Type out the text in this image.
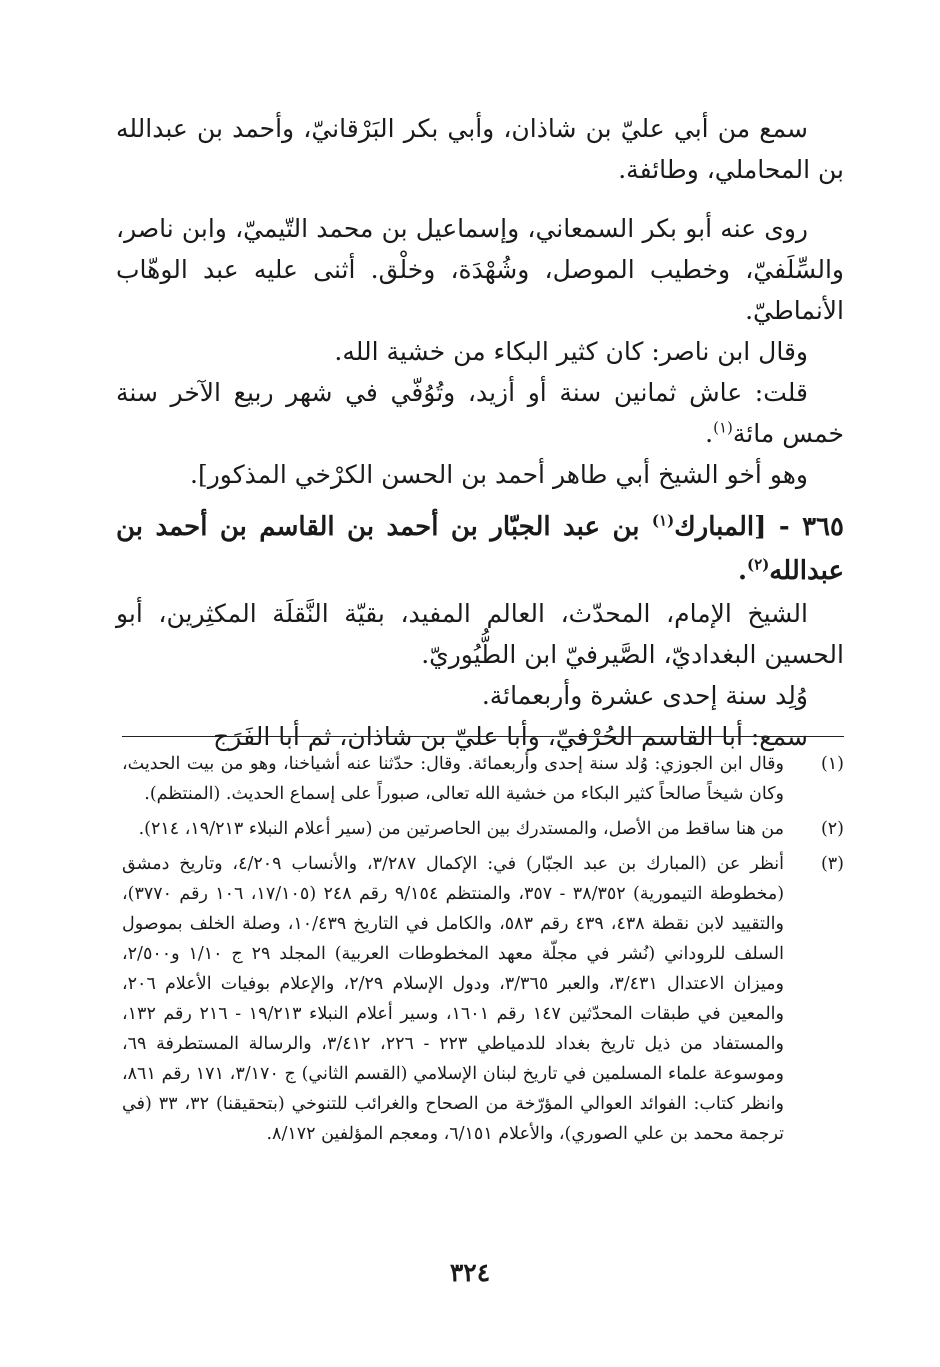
سمع من أبي عليّ بن شاذان، وأبي بكر البَرْقانيّ، وأحمد بن عبدالله بن المحاملي، وطائفة.

روى عنه أبو بكر السمعاني، وإسماعيل بن محمد التّيميّ، وابن ناصر، والسِّلَفيّ، وخطيب الموصل، وشُهْدَة، وخلْق. أثنى عليه عبد الوهّاب الأنماطيّ.

وقال ابن ناصر: كان كثير البكاء من خشية الله.

قلت: عاش ثمانين سنة أو أزيد، وتُوُفّي في شهر ربيع الآخر سنة خمس مائة$^{(١)}$.

وهو أخو الشيخ أبي طاهر أحمد بن الحسن الكرْخي المذكور].

٣٦٥ - [المبارك$^{(١)}$ بن عبد الجبّار بن أحمد بن القاسم بن أحمد بن عبدالله$^{(٢)}$.

الشيخ الإمام، المحدّث، العالم المفيد، بقيّة النَّقلَة المكثِرين، أبو الحسين البغداديّ، الصَّيرفيّ ابن الطُّيُوريّ.

وُلِد سنة إحدى عشرة وأربعمائة.

سمع: أبا القاسم الحُرْفيّ، وأبا عليّ بن شاذان، ثم أبا الفَرَج

(١)

وقال ابن الجوزي: وُلد سنة إحدى وأربعمائة. وقال: حدّثنا عنه أشياخنا، وهو من بيت الحديث، وكان شيخاً صالحاً كثير البكاء من خشية الله تعالى، صبوراً على إسماع الحديث. (المنتظم).

(٢)

من هنا ساقط من الأصل، والمستدرك بين الحاصرتين من (سير أعلام النبلاء ١٩/٢١٣، ٢١٤).

(٣)

أنظر عن (المبارك بن عبد الجبّار) في: الإكمال ٣/٢٨٧، والأنساب ٤/٢٠٩، وتاريخ دمشق (مخطوطة التيمورية) ٣٨/٣٥٢ - ٣٥٧، والمنتظم ٩/١٥٤ رقم ٢٤٨ (١٧/١٠٥، ١٠٦ رقم ٣٧٧٠)، والتقييد لابن نقطة ٤٣٨، ٤٣٩ رقم ٥٨٣، والكامل في التاريخ ١٠/٤٣٩، وصلة الخلف بموصول السلف للروداني (نُشر في مجلّة معهد المخطوطات العربية) المجلد ٢٩ ج ١/١٠ و٢/٥٠٠، وميزان الاعتدال ٣/٤٣١، والعبر ٣/٣٦٥، ودول الإسلام ٢/٢٩، والإعلام بوفيات الأعلام ٢٠٦، والمعين في طبقات المحدّثين ١٤٧ رقم ١٦٠١، وسير أعلام النبلاء ١٩/٢١٣ - ٢١٦ رقم ١٣٢، والمستفاد من ذيل تاريخ بغداد للدمياطي ٢٢٣ - ٢٢٦، ٣/٤١٢، والرسالة المستطرفة ٦٩، وموسوعة علماء المسلمين في تاريخ لبنان الإسلامي (القسم الثاني) ج ٣/١٧٠، ١٧١ رقم ٨٦١، وانظر كتاب: الفوائد العوالي المؤرّخة من الصحاح والغرائب للتنوخي (بتحقيقنا) ٣٢، ٣٣ (في ترجمة محمد بن علي الصوري)، والأعلام ٦/١٥١، ومعجم المؤلفين ٨/١٧٢.

٣٢٤
